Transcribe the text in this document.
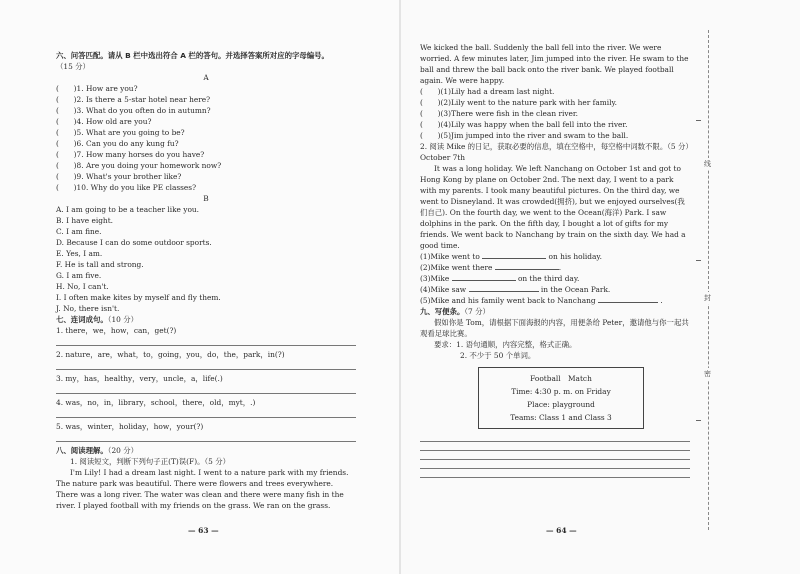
六、问答匹配。请从 B 栏中选出符合 A 栏的答句。并选择答案所对应的字母编号。
（15 分）
A
(　　)1. How are you?
(　　)2. Is there a 5-star hotel near here?
(　　)3. What do you often do in autumn?
(　　)4. How old are you?
(　　)5. What are you going to be?
(　　)6. Can you do any kung fu?
(　　)7. How many horses do you have?
(　　)8. Are you doing your homework now?
(　　)9. What's your brother like?
(　　)10. Why do you like PE classes?
B
A. I am going to be a teacher like you.
B. I have eight.
C. I am fine.
D. Because I can do some outdoor sports.
E. Yes, I am.
F. He is tall and strong.
G. I am five.
H. No, I can't.
I. I often make kites by myself and fly them.
J. No, there isn't.
七、连词成句。（10 分）
1. there，we，how，can，get(?)
2. nature，are，what，to，going，you，do，the，park，in(?)
3. my，has，healthy，very，uncle，a，life(.)
4. was，no，in，library，school，there，old，myt，.)
5. was，winter，holiday，how，your(?)
八、阅读理解。（20 分）
1. 阅读短文，判断下列句子正(T)误(F)。（5 分）
I'm Lily! I had a dream last night. I went to a nature park with my friends. The nature park was beautiful. There were flowers and trees everywhere. There was a long river. The water was clean and there were many fish in the river. I played football with my friends on the grass. We ran on the grass.
— 63 —
We kicked the ball. Suddenly the ball fell into the river. We were worried. A few minutes later, Jim jumped into the river. He swam to the ball and threw the ball back onto the river bank. We played football again. We were happy.
(　　)(1)Lily had a dream last night.
(　　)(2)Lily went to the nature park with her family.
(　　)(3)There were fish in the clean river.
(　　)(4)Lily was happy when the ball fell into the river.
(　　)(5)Jim jumped into the river and swam to the ball.
2. 阅读 Mike 的日记，获取必要的信息，填在空格中，每空格中词数不限。（5 分）
October 7th
It was a long holiday. We left Nanchang on October 1st and got to Hong Kong by plane on October 2nd. The next day, I went to a park with my parents. I took many beautiful pictures. On the third day, we went to Disneyland. It was crowded(拥挤), but we enjoyed ourselves(我们自己). On the fourth day, we went to the Ocean(海洋) Park. I saw dolphins in the park. On the fifth day, I bought a lot of gifts for my friends. We went back to Nanchang by train on the sixth day. We had a good time.
(1)Mike went to	on his holiday.
(2)Mike went there	.
(3)Mike	on the third day.
(4)Mike saw	in the Ocean Park.
(5)Mike and his family went back to Nanchang	.
九、写便条。（7 分）
假如你是 Tom，请根据下面海报的内容，用便条给 Peter，邀请他与你一起共观看足球比赛。
要求：1. 语句通顺，内容完整，格式正确。
2. 不少于 50 个单词。
Football　Match
Time: 4:30 p. m. on Friday
Place: playground
Teams: Class 1 and Class 3
— 64 —
线
封
密
